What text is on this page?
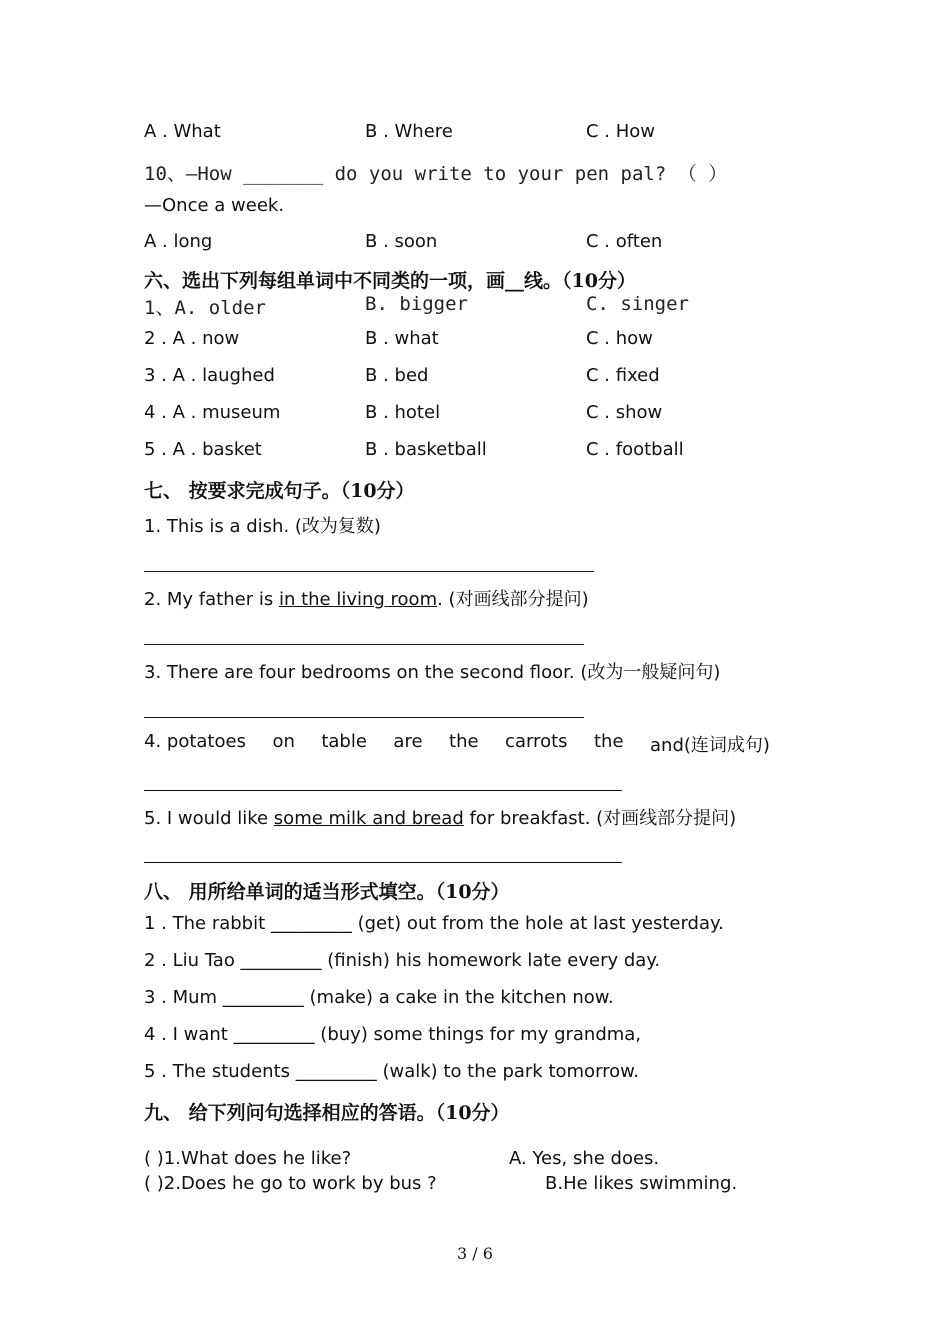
A . What	B . Where	C . How
10、—How _______ do you write to your pen pal? （ ）
—Once a week.
A . long	B . soon	C . often
六、选出下列每组单词中不同类的一项，画__线。（10分）
1、A. older	B. bigger	C. singer
2 . A . now	B . what	C . how
3 . A . laughed	B . bed	C . fixed
4 . A . museum	B . hotel	C . show
5 . A . basket	B . basketball	C . football
七、 按要求完成句子。（10分）
1. This is a dish. (改为复数)
2. My father is in the living room. (对画线部分提问)
3. There are four bedrooms on the second floor. (改为一般疑问句)
4. potatoes on table are the carrots the and(连词成句)
5. I would like some milk and bread for breakfast. (对画线部分提问)
八、 用所给单词的适当形式填空。（10分）
1 . The rabbit _________ (get) out from the hole at last yesterday.
2 . Liu Tao _________ (finish) his homework late every day.
3 . Mum _________ (make) a cake in the kitchen now.
4 . I want _________ (buy) some things for my grandma,
5 . The students _________ (walk) to the park tomorrow.
九、 给下列问句选择相应的答语。（10分）
( )1.What does he like?	A. Yes, she does.
( )2.Does he go to work by bus ?	B.He likes swimming.
3 / 6
